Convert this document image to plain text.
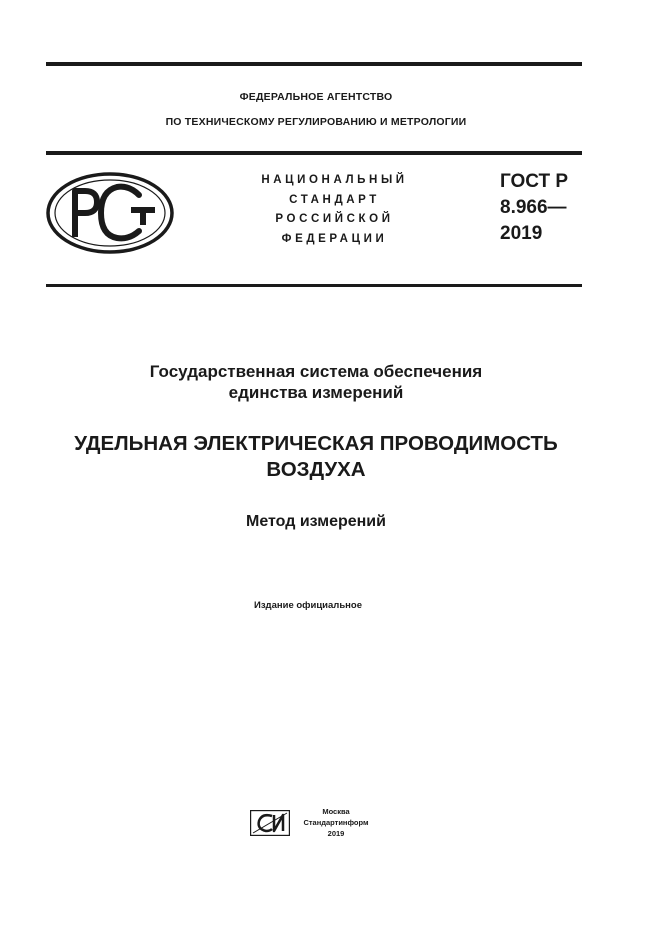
ФЕДЕРАЛЬНОЕ АГЕНТСТВО
ПО ТЕХНИЧЕСКОМУ РЕГУЛИРОВАНИЮ И МЕТРОЛОГИИ
НАЦИОНАЛЬНЫЙ
СТАНДАРТ
РОССИЙСКОЙ
ФЕДЕРАЦИИ
ГОСТ Р
8.966—
2019
Государственная система обеспечения
единства измерений
УДЕЛЬНАЯ ЭЛЕКТРИЧЕСКАЯ ПРОВОДИМОСТЬ
ВОЗДУХА
Метод измерений
Издание официальное
Москва
Стандартинформ
2019
